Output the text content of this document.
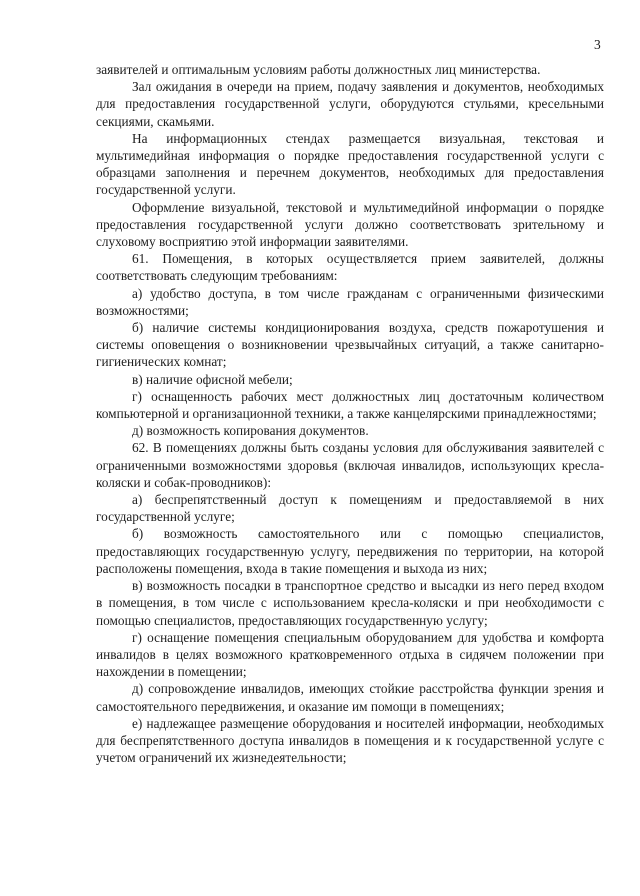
3

заявителей и оптимальным условиям работы должностных лиц министерства.

Зал ожидания в очереди на прием, подачу заявления и документов, необходимых для предоставления государственной услуги, оборудуются стульями, кресельными секциями, скамьями.

На информационных стендах размещается визуальная, текстовая и мультимедийная информация о порядке предоставления государственной услуги с образцами заполнения и перечнем документов, необходимых для предоставления государственной услуги.

Оформление визуальной, текстовой и мультимедийной информации о порядке предоставления государственной услуги должно соответствовать зрительному и слуховому восприятию этой информации заявителями.

61. Помещения, в которых осуществляется прием заявителей, должны соответствовать следующим требованиям:

а) удобство доступа, в том числе гражданам с ограниченными физическими возможностями;

б) наличие системы кондиционирования воздуха, средств пожаротушения и системы оповещения о возникновении чрезвычайных ситуаций, а также санитарно-гигиенических комнат;

в) наличие офисной мебели;

г) оснащенность рабочих мест должностных лиц достаточным количеством компьютерной и организационной техники, а также канцелярскими принадлежностями;

д) возможность копирования документов.

62. В помещениях должны быть созданы условия для обслуживания заявителей с ограниченными возможностями здоровья (включая инвалидов, использующих кресла-коляски и собак-проводников):

а) беспрепятственный доступ к помещениям и предоставляемой в них государственной услуге;

б) возможность самостоятельного или с помощью специалистов, предоставляющих государственную услугу, передвижения по территории, на которой расположены помещения, входа в такие помещения и выхода из них;

в) возможность посадки в транспортное средство и высадки из него перед входом в помещения, в том числе с использованием кресла-коляски и при необходимости с помощью специалистов, предоставляющих государственную услугу;

г) оснащение помещения специальным оборудованием для удобства и комфорта инвалидов в целях возможного кратковременного отдыха в сидячем положении при нахождении в помещении;

д) сопровождение инвалидов, имеющих стойкие расстройства функции зрения и самостоятельного передвижения, и оказание им помощи в помещениях;

е) надлежащее размещение оборудования и носителей информации, необходимых для беспрепятственного доступа инвалидов в помещения и к государственной услуге с учетом ограничений их жизнедеятельности;
